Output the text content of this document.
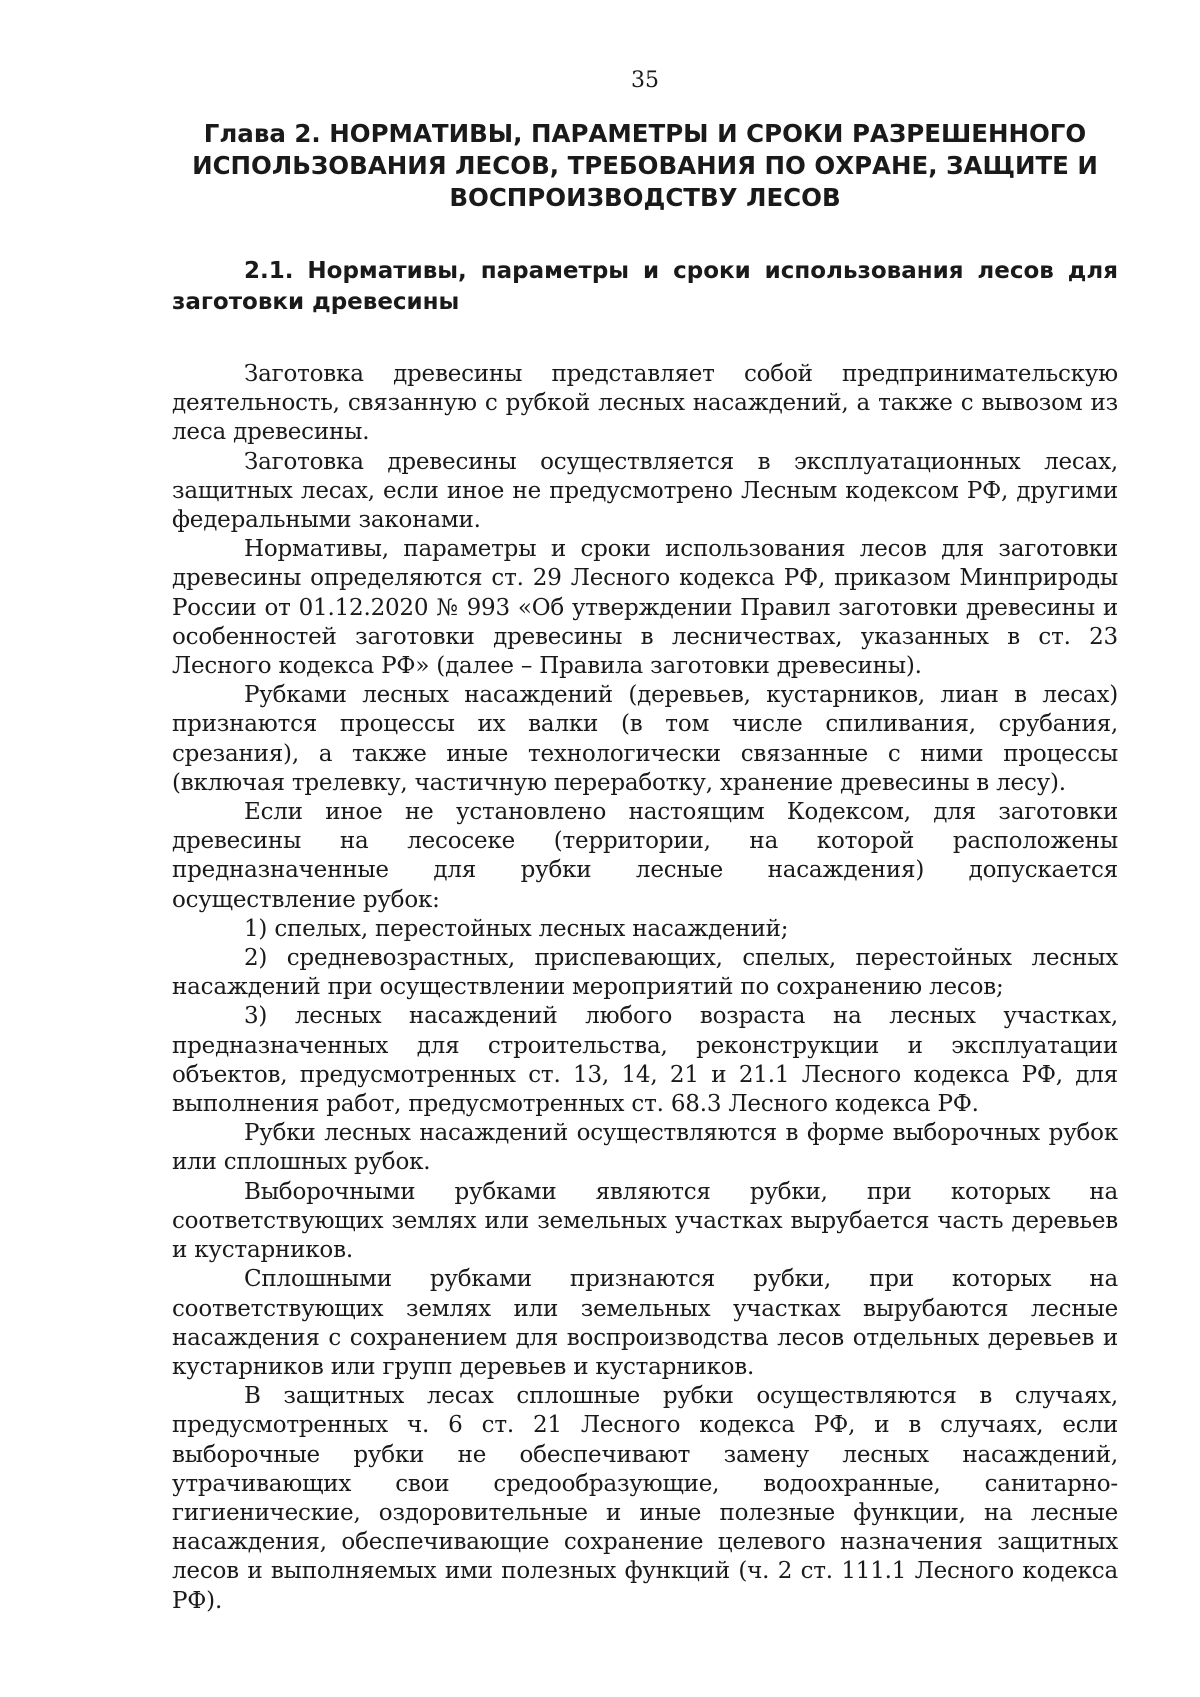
35
Глава 2. НОРМАТИВЫ, ПАРАМЕТРЫ И СРОКИ РАЗРЕШЕННОГО ИСПОЛЬЗОВАНИЯ ЛЕСОВ, ТРЕБОВАНИЯ ПО ОХРАНЕ, ЗАЩИТЕ И ВОСПРОИЗВОДСТВУ ЛЕСОВ
2.1. Нормативы, параметры и сроки использования лесов для заготовки древесины

Заготовка древесины представляет собой предпринимательскую деятельность, связанную с рубкой лесных насаждений, а также с вывозом из леса древесины.

Заготовка древесины осуществляется в эксплуатационных лесах, защитных лесах, если иное не предусмотрено Лесным кодексом РФ, другими федеральными законами.

Нормативы, параметры и сроки использования лесов для заготовки древесины определяются ст. 29 Лесного кодекса РФ, приказом Минприроды России от 01.12.2020 № 993 «Об утверждении Правил заготовки древесины и особенностей заготовки древесины в лесничествах, указанных в ст. 23 Лесного кодекса РФ» (далее – Правила заготовки древесины).

Рубками лесных насаждений (деревьев, кустарников, лиан в лесах) признаются процессы их валки (в том числе спиливания, срубания, срезания), а также иные технологически связанные с ними процессы (включая трелевку, частичную переработку, хранение древесины в лесу).

Если иное не установлено настоящим Кодексом, для заготовки древесины на лесосеке (территории, на которой расположены предназначенные для рубки лесные насаждения) допускается осуществление рубок:

1) спелых, перестойных лесных насаждений;

2) средневозрастных, приспевающих, спелых, перестойных лесных насаждений при осуществлении мероприятий по сохранению лесов;

3) лесных насаждений любого возраста на лесных участках, предназначенных для строительства, реконструкции и эксплуатации объектов, предусмотренных ст. 13, 14, 21 и 21.1 Лесного кодекса РФ, для выполнения работ, предусмотренных ст. 68.3 Лесного кодекса РФ.

Рубки лесных насаждений осуществляются в форме выборочных рубок или сплошных рубок.

Выборочными рубками являются рубки, при которых на соответствующих землях или земельных участках вырубается часть деревьев и кустарников.

Сплошными рубками признаются рубки, при которых на соответствующих землях или земельных участках вырубаются лесные насаждения с сохранением для воспроизводства лесов отдельных деревьев и кустарников или групп деревьев и кустарников.

В защитных лесах сплошные рубки осуществляются в случаях, предусмотренных ч. 6 ст. 21 Лесного кодекса РФ, и в случаях, если выборочные рубки не обеспечивают замену лесных насаждений, утрачивающих свои средообразующие, водоохранные, санитарно-гигиенические, оздоровительные и иные полезные функции, на лесные насаждения, обеспечивающие сохранение целевого назначения защитных лесов и выполняемых ими полезных функций (ч. 2 ст. 111.1 Лесного кодекса РФ).
